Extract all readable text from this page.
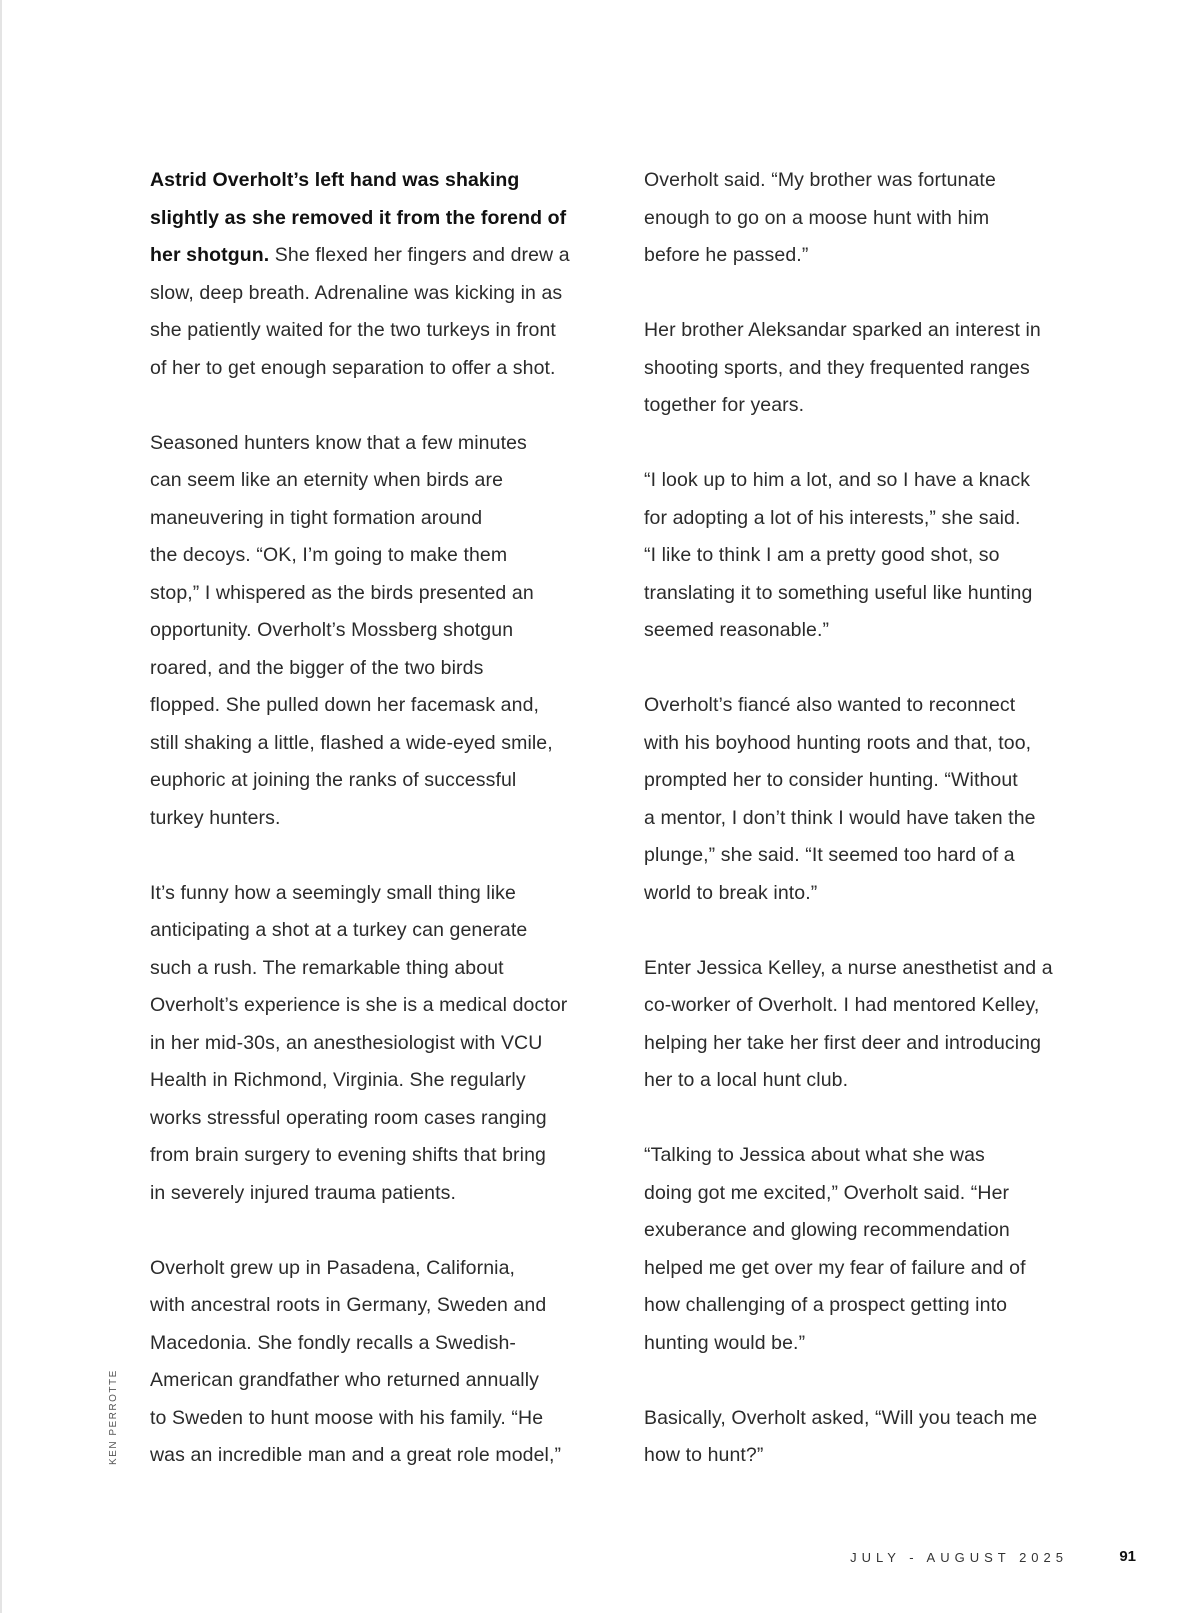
Astrid Overholt’s left hand was shaking
slightly as she removed it from the forend of
her shotgun. She flexed her fingers and drew a
slow, deep breath. Adrenaline was kicking in as
she patiently waited for the two turkeys in front
of her to get enough separation to offer a shot.

Seasoned hunters know that a few minutes
can seem like an eternity when birds are
maneuvering in tight formation around
the decoys. “OK, I’m going to make them
stop,” I whispered as the birds presented an
opportunity. Overholt’s Mossberg shotgun
roared, and the bigger of the two birds
flopped. She pulled down her facemask and,
still shaking a little, flashed a wide-eyed smile,
euphoric at joining the ranks of successful
turkey hunters.

It’s funny how a seemingly small thing like
anticipating a shot at a turkey can generate
such a rush. The remarkable thing about
Overholt’s experience is she is a medical doctor
in her mid-30s, an anesthesiologist with VCU
Health in Richmond, Virginia. She regularly
works stressful operating room cases ranging
from brain surgery to evening shifts that bring
in severely injured trauma patients.

Overholt grew up in Pasadena, California,
with ancestral roots in Germany, Sweden and
Macedonia. She fondly recalls a Swedish-
American grandfather who returned annually
to Sweden to hunt moose with his family. “He
was an incredible man and a great role model,”

Overholt said. “My brother was fortunate
enough to go on a moose hunt with him
before he passed.”

Her brother Aleksandar sparked an interest in
shooting sports, and they frequented ranges
together for years.

“I look up to him a lot, and so I have a knack
for adopting a lot of his interests,” she said.
“I like to think I am a pretty good shot, so
translating it to something useful like hunting
seemed reasonable.”

Overholt’s fiancé also wanted to reconnect
with his boyhood hunting roots and that, too,
prompted her to consider hunting. “Without
a mentor, I don’t think I would have taken the
plunge,” she said. “It seemed too hard of a
world to break into.”

Enter Jessica Kelley, a nurse anesthetist and a
co-worker of Overholt. I had mentored Kelley,
helping her take her first deer and introducing
her to a local hunt club.

“Talking to Jessica about what she was
doing got me excited,” Overholt said. “Her
exuberance and glowing recommendation
helped me get over my fear of failure and of
how challenging of a prospect getting into
hunting would be.”

Basically, Overholt asked, “Will you teach me
how to hunt?”

KEN PERROTTE
JULY - AUGUST 2025	91
